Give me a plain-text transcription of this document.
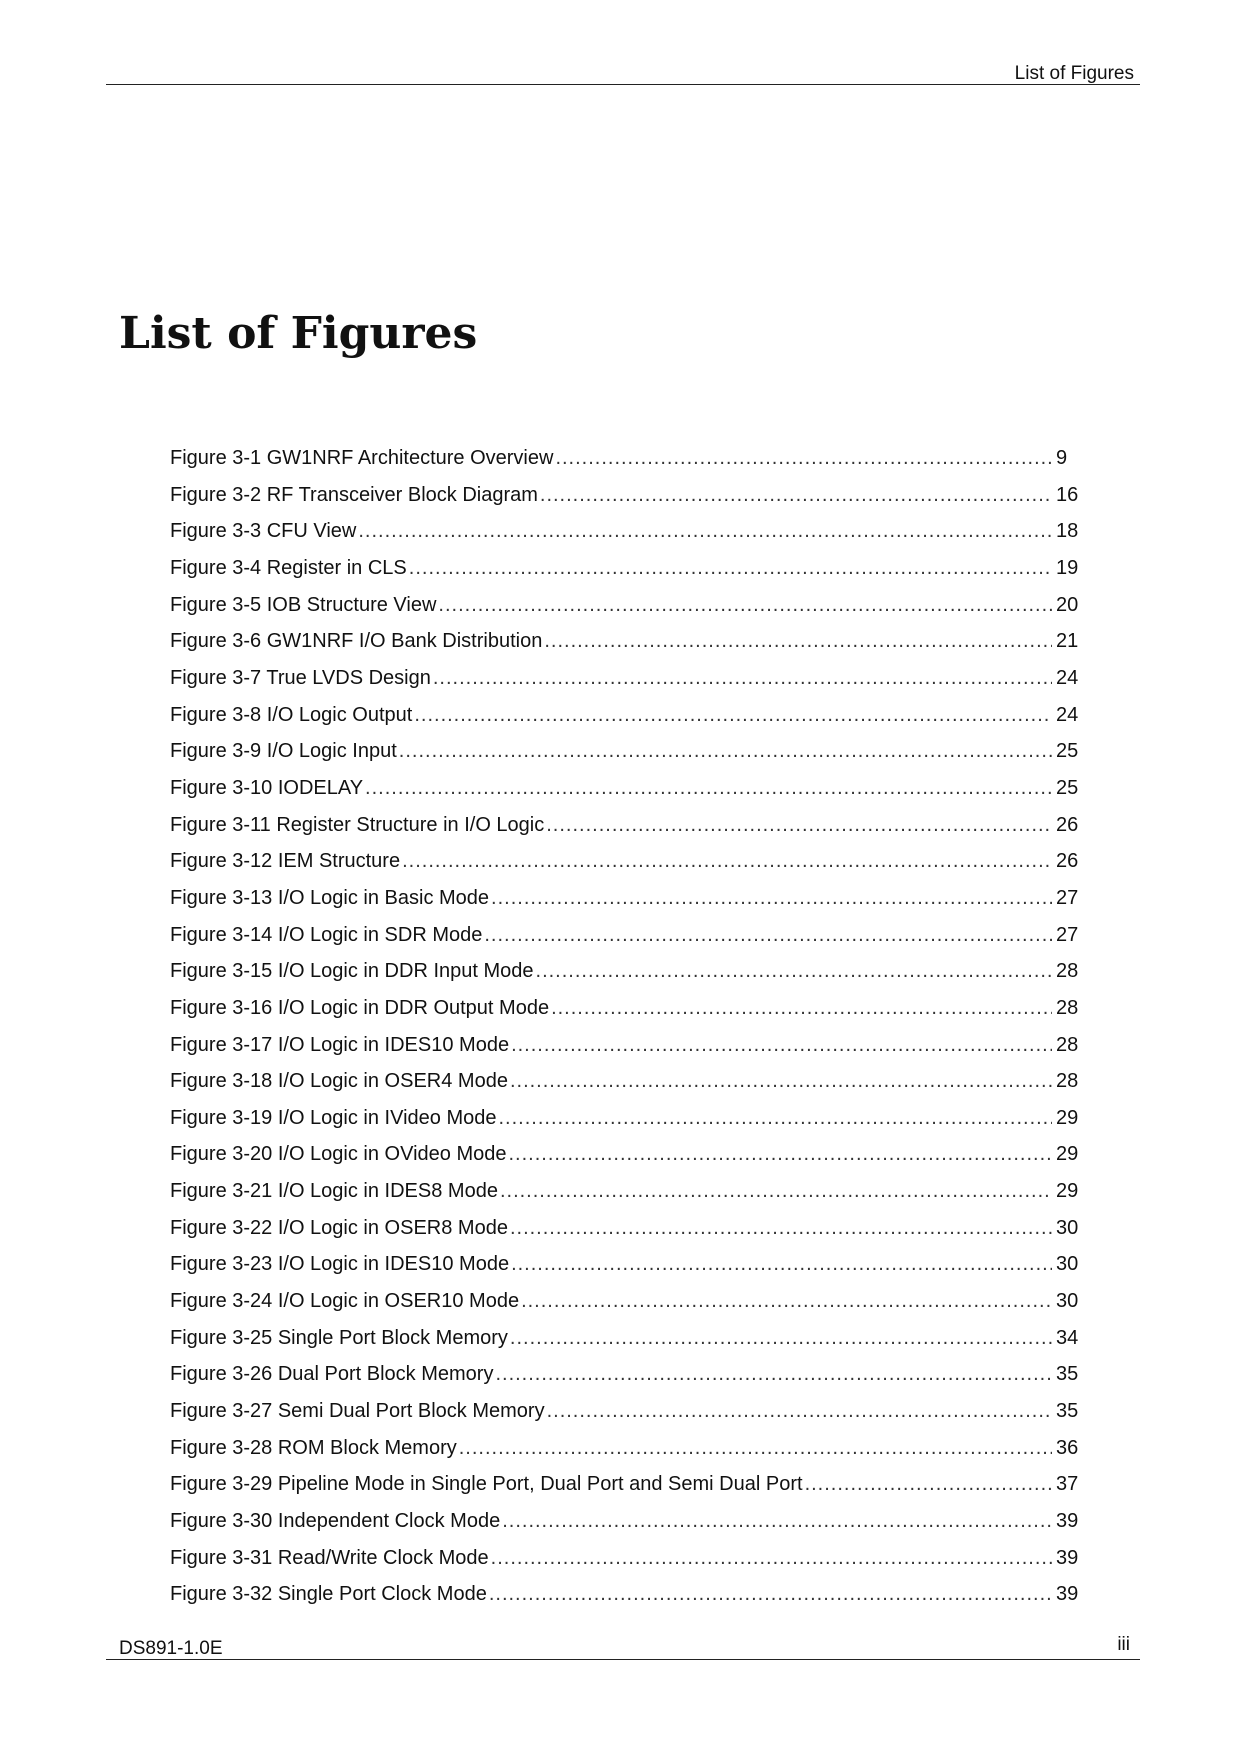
List of Figures
List of Figures
Figure 3-1 GW1NRF Architecture Overview .....	9
Figure 3-2 RF Transceiver Block Diagram .....	16
Figure 3-3 CFU View .....	18
Figure 3-4 Register in CLS .....	19
Figure 3-5 IOB Structure View .....	20
Figure 3-6 GW1NRF I/O Bank Distribution .....	21
Figure 3-7 True LVDS Design .....	24
Figure 3-8 I/O Logic Output .....	24
Figure 3-9 I/O Logic Input .....	25
Figure 3-10 IODELAY .....	25
Figure 3-11 Register Structure in I/O Logic .....	26
Figure 3-12 IEM Structure .....	26
Figure 3-13 I/O Logic in Basic Mode .....	27
Figure 3-14 I/O Logic in SDR Mode .....	27
Figure 3-15 I/O Logic in DDR Input Mode .....	28
Figure 3-16 I/O Logic in DDR Output Mode .....	28
Figure 3-17 I/O Logic in IDES10 Mode .....	28
Figure 3-18 I/O Logic in OSER4 Mode .....	28
Figure 3-19 I/O Logic in IVideo Mode .....	29
Figure 3-20 I/O Logic in OVideo Mode .....	29
Figure 3-21 I/O Logic in IDES8 Mode .....	29
Figure 3-22 I/O Logic in OSER8 Mode .....	30
Figure 3-23 I/O Logic in IDES10 Mode .....	30
Figure 3-24 I/O Logic in OSER10 Mode .....	30
Figure 3-25 Single Port Block Memory .....	34
Figure 3-26 Dual Port Block Memory .....	35
Figure 3-27 Semi Dual Port Block Memory .....	35
Figure 3-28 ROM Block Memory .....	36
Figure 3-29 Pipeline Mode in Single Port, Dual Port and Semi Dual Port .....	37
Figure 3-30 Independent Clock Mode .....	39
Figure 3-31 Read/Write Clock Mode .....	39
Figure 3-32 Single Port Clock Mode .....	39
DS891-1.0E	iii
